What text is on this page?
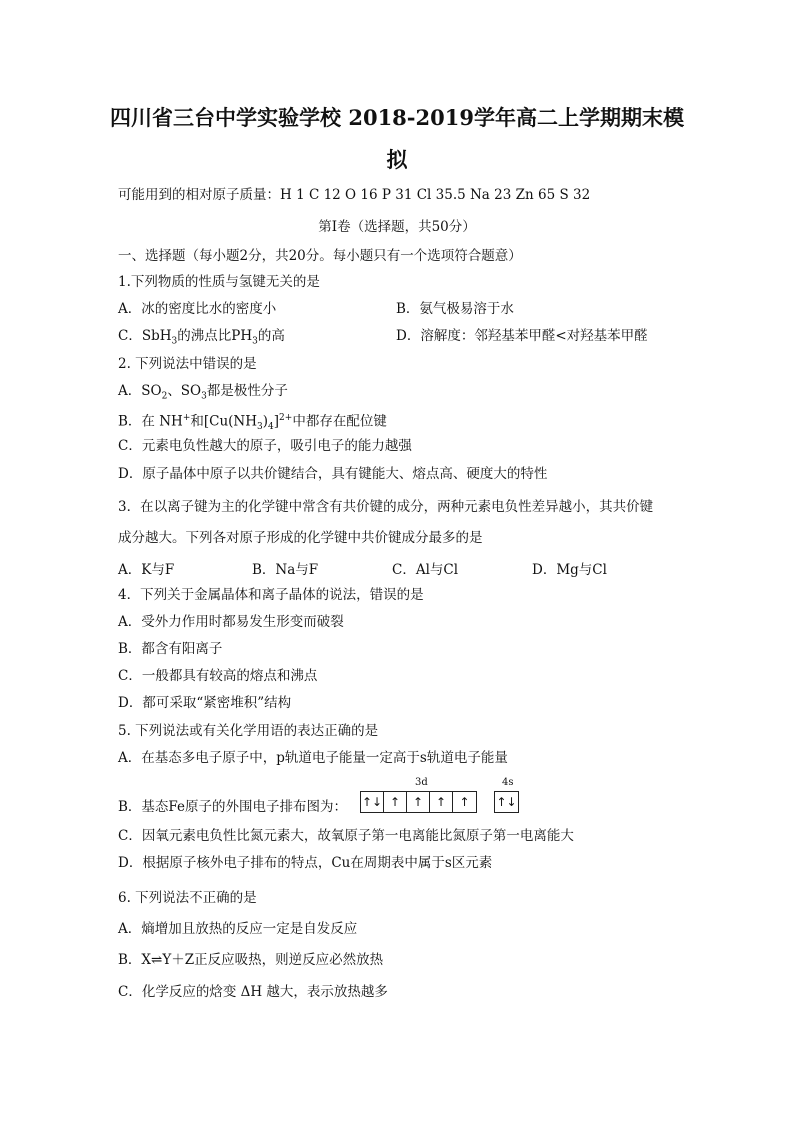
四川省三台中学实验学校 2018-2019学年高二上学期期末模
拟
可能用到的相对原子质量：H 1 C 12 O 16 P 31 Cl 35.5 Na 23 Zn 65 S 32
第Ⅰ卷（选择题，共50分）
一、选择题（每小题2分，共20分。每小题只有一个选项符合题意）
1.下列物质的性质与氢键无关的是
A．冰的密度比水的密度小	B．氨气极易溶于水
C．SbH$_3$的沸点比$PH_3$的高	D．溶解度：邻羟基苯甲醛<对羟基苯甲醛
2. 下列说法中错误的是
A．$SO_2$、$SO_3$都是极性分子
B．在 NH+和$[Cu(NH_3)_4]^{2+}$中都存在配位键
C．元素电负性越大的原子，吸引电子的能力越强
D．原子晶体中原子以共价键结合，具有键能大、熔点高、硬度大的特性
3．在以离子键为主的化学键中常含有共价键的成分，两种元素电负性差异越小，其共价键
成分越大。下列各对原子形成的化学键中共价键成分最多的是
A．K与F	B．Na与F	C．Al与Cl	D．Mg与Cl
4．下列关于金属晶体和离子晶体的说法，错误的是
A．受外力作用时都易发生形变而破裂
B．都含有阳离子
C．一般都具有较高的熔点和沸点
D．都可采取“紧密堆积”结构
5. 下列说法或有关化学用语的表达正确的是
A．在基态多电子原子中，p轨道电子能量一定高于s轨道电子能量
B．基态Fe原子的外围电子排布图为：
3d	4s
↑↓ ↑	↑	↑	↑	↑↓
C．因氧元素电负性比氮元素大，故氧原子第一电离能比氮原子第一电离能大
D．根据原子核外电子排布的特点，Cu在周期表中属于s区元素
6. 下列说法不正确的是
A．熵增加且放热的反应一定是自发反应
B．X⇌Y＋Z正反应吸热，则逆反应必然放热
C．化学反应的焓变 ΔH 越大，表示放热越多
